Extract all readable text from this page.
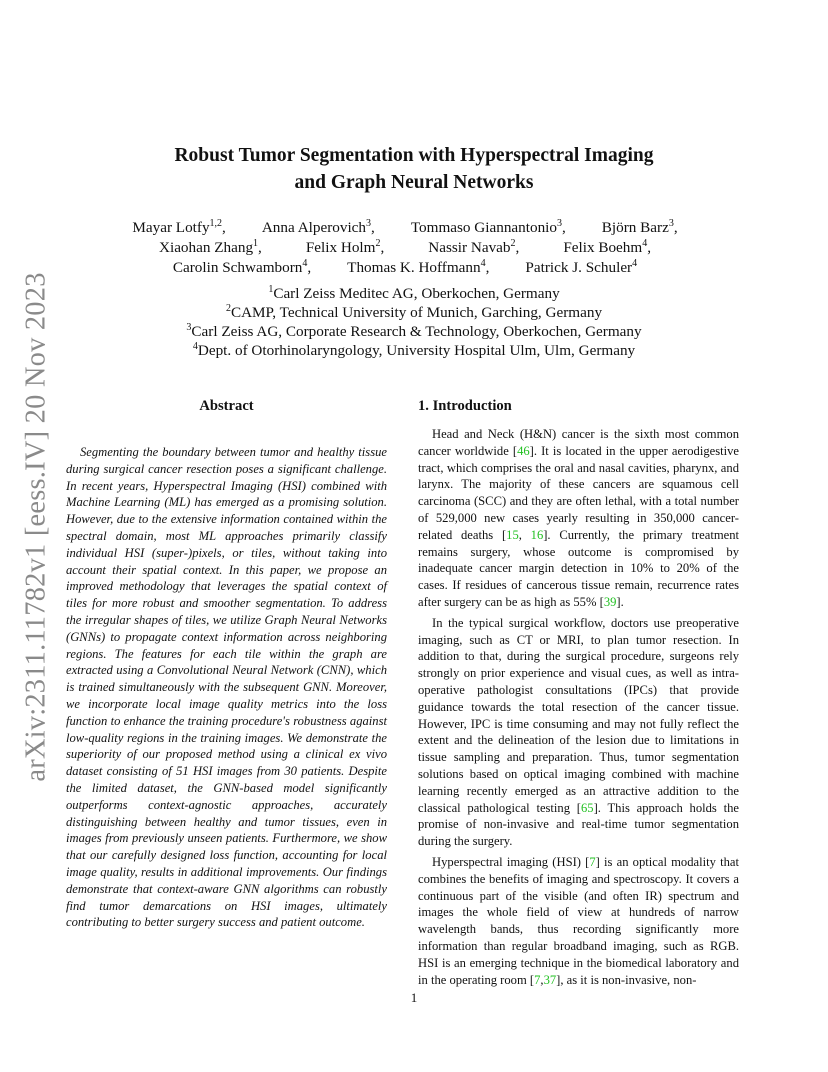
arXiv:2311.11782v1 [eess.IV] 20 Nov 2023
Robust Tumor Segmentation with Hyperspectral Imaging
and Graph Neural Networks
Mayar Lotfy$^{1,2}$, Anna Alperovich$^3$, Tommaso Giannantonio$^3$, Björn Barz$^3$,
Xiaohan Zhang$^1$,	Felix Holm$^2$,	Nassir Navab$^2$,	Felix Boehm$^4$,
Carolin Schwamborn$^4$, Thomas K. Hoffmann$^4$, Patrick J. Schuler$^4$
$^1$Carl Zeiss Meditec AG, Oberkochen, Germany
$^2$CAMP, Technical University of Munich, Garching, Germany
$^3$Carl Zeiss AG, Corporate Research & Technology, Oberkochen, Germany
$^4$Dept. of Otorhinolaryngology, University Hospital Ulm, Ulm, Germany
Abstract

Segmenting the boundary between tumor and healthy tissue during surgical cancer resection poses a significant challenge. In recent years, Hyperspectral Imaging (HSI) combined with Machine Learning (ML) has emerged as a promising solution. However, due to the extensive information contained within the spectral domain, most ML approaches primarily classify individual HSI (super-)pixels, or tiles, without taking into account their spatial context. In this paper, we propose an improved methodology that leverages the spatial context of tiles for more robust and smoother segmentation. To address the irregular shapes of tiles, we utilize Graph Neural Networks (GNNs) to propagate context information across neighboring regions. The features for each tile within the graph are extracted using a Convolutional Neural Network (CNN), which is trained simultaneously with the subsequent GNN. Moreover, we incorporate local image quality metrics into the loss function to enhance the training procedure's robustness against low-quality regions in the training images. We demonstrate the superiority of our proposed method using a clinical ex vivo dataset consisting of 51 HSI images from 30 patients. Despite the limited dataset, the GNN-based model significantly outperforms context-agnostic approaches, accurately distinguishing between healthy and tumor tissues, even in images from previously unseen patients. Furthermore, we show that our carefully designed loss function, accounting for local image quality, results in additional improvements. Our findings demonstrate that context-aware GNN algorithms can robustly find tumor demarcations on HSI images, ultimately contributing to better surgery success and patient outcome.

1. Introduction

Head and Neck (H&N) cancer is the sixth most common cancer worldwide [46]. It is located in the upper aerodigestive tract, which comprises the oral and nasal cavities, pharynx, and larynx. The majority of these cancers are squamous cell carcinoma (SCC) and they are often lethal, with a total number of 529,000 new cases yearly resulting in 350,000 cancer-related deaths [15, 16]. Currently, the primary treatment remains surgery, whose outcome is compromised by inadequate cancer margin detection in 10% to 20% of the cases. If residues of cancerous tissue remain, recurrence rates after surgery can be as high as 55% [39].

In the typical surgical workflow, doctors use preoperative imaging, such as CT or MRI, to plan tumor resection. In addition to that, during the surgical procedure, surgeons rely strongly on prior experience and visual cues, as well as intra-operative pathologist consultations (IPCs) that provide guidance towards the total resection of the cancer tissue. However, IPC is time consuming and may not fully reflect the extent and the delineation of the lesion due to limitations in tissue sampling and preparation. Thus, tumor segmentation solutions based on optical imaging combined with machine learning recently emerged as an attractive addition to the classical pathological testing [65]. This approach holds the promise of non-invasive and real-time tumor segmentation during the surgery.

Hyperspectral imaging (HSI) [7] is an optical modality that combines the benefits of imaging and spectroscopy. It covers a continuous part of the visible (and often IR) spectrum and images the whole field of view at hundreds of narrow wavelength bands, thus recording significantly more information than regular broadband imaging, such as RGB. HSI is an emerging technique in the biomedical laboratory and in the operating room [7,37], as it is non-invasive, non-

1
